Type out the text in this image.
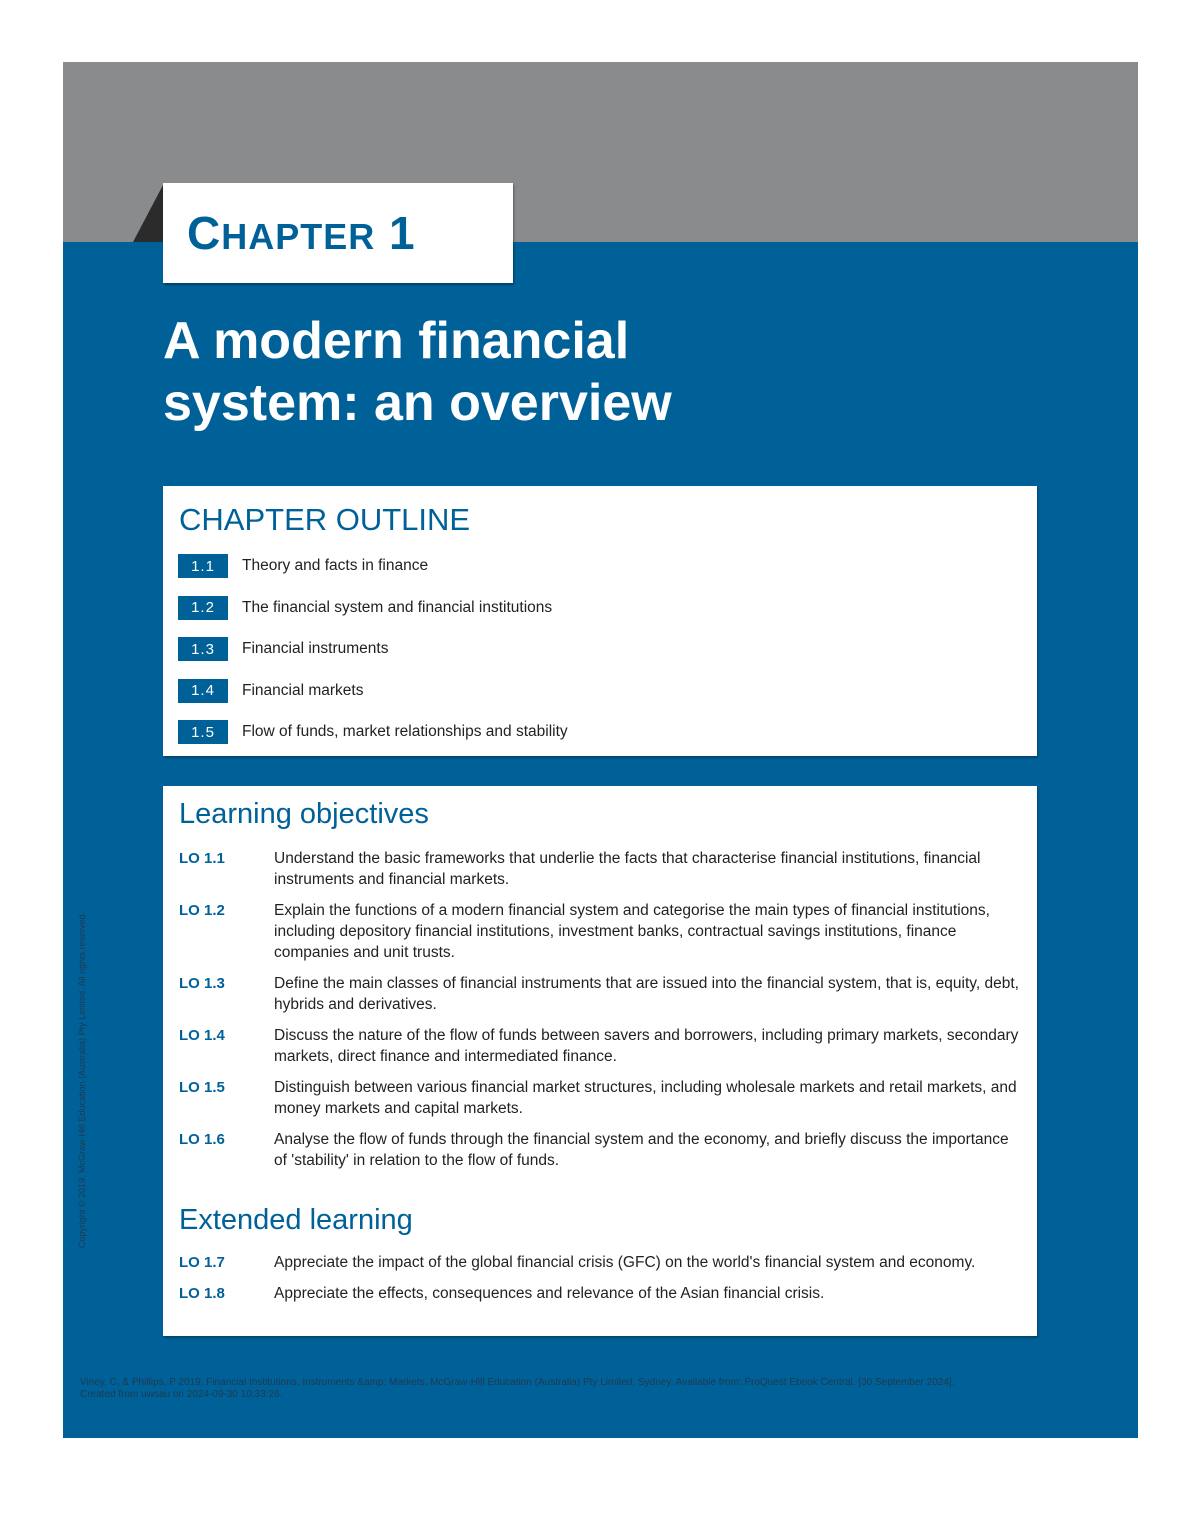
CHAPTER 1
A modern financial
system: an overview
CHAPTER OUTLINE
1.1	Theory and facts in finance
1.2	The financial system and financial institutions
1.3	Financial instruments
1.4	Financial markets
1.5	Flow of funds, market relationships and stability
Learning objectives
LO 1.1	Understand the basic frameworks that underlie the facts that characterise financial institutions, financial instruments and financial markets.
LO 1.2	Explain the functions of a modern financial system and categorise the main types of financial institutions, including depository financial institutions, investment banks, contractual savings institutions, finance companies and unit trusts.
LO 1.3	Define the main classes of financial instruments that are issued into the financial system, that is, equity, debt, hybrids and derivatives.
LO 1.4	Discuss the nature of the flow of funds between savers and borrowers, including primary markets, secondary markets, direct finance and intermediated finance.
LO 1.5	Distinguish between various financial market structures, including wholesale markets and retail markets, and money markets and capital markets.
LO 1.6	Analyse the flow of funds through the financial system and the economy, and briefly discuss the importance of 'stability' in relation to the flow of funds.
Extended learning
LO 1.7	Appreciate the impact of the global financial crisis (GFC) on the world's financial system and economy.
LO 1.8	Appreciate the effects, consequences and relevance of the Asian financial crisis.
Copyright © 2019. McGraw-Hill Education (Australia) Pty Limited. All rights reserved.
Viney, C, & Phillips, P 2019, Financial Institutions, Instruments &amp; Markets, McGraw-Hill Education (Australia) Pty Limited, Sydney. Available from: ProQuest Ebook Central. [30 September 2024].
Created from uwsau on 2024-09-30 10:33:26.
